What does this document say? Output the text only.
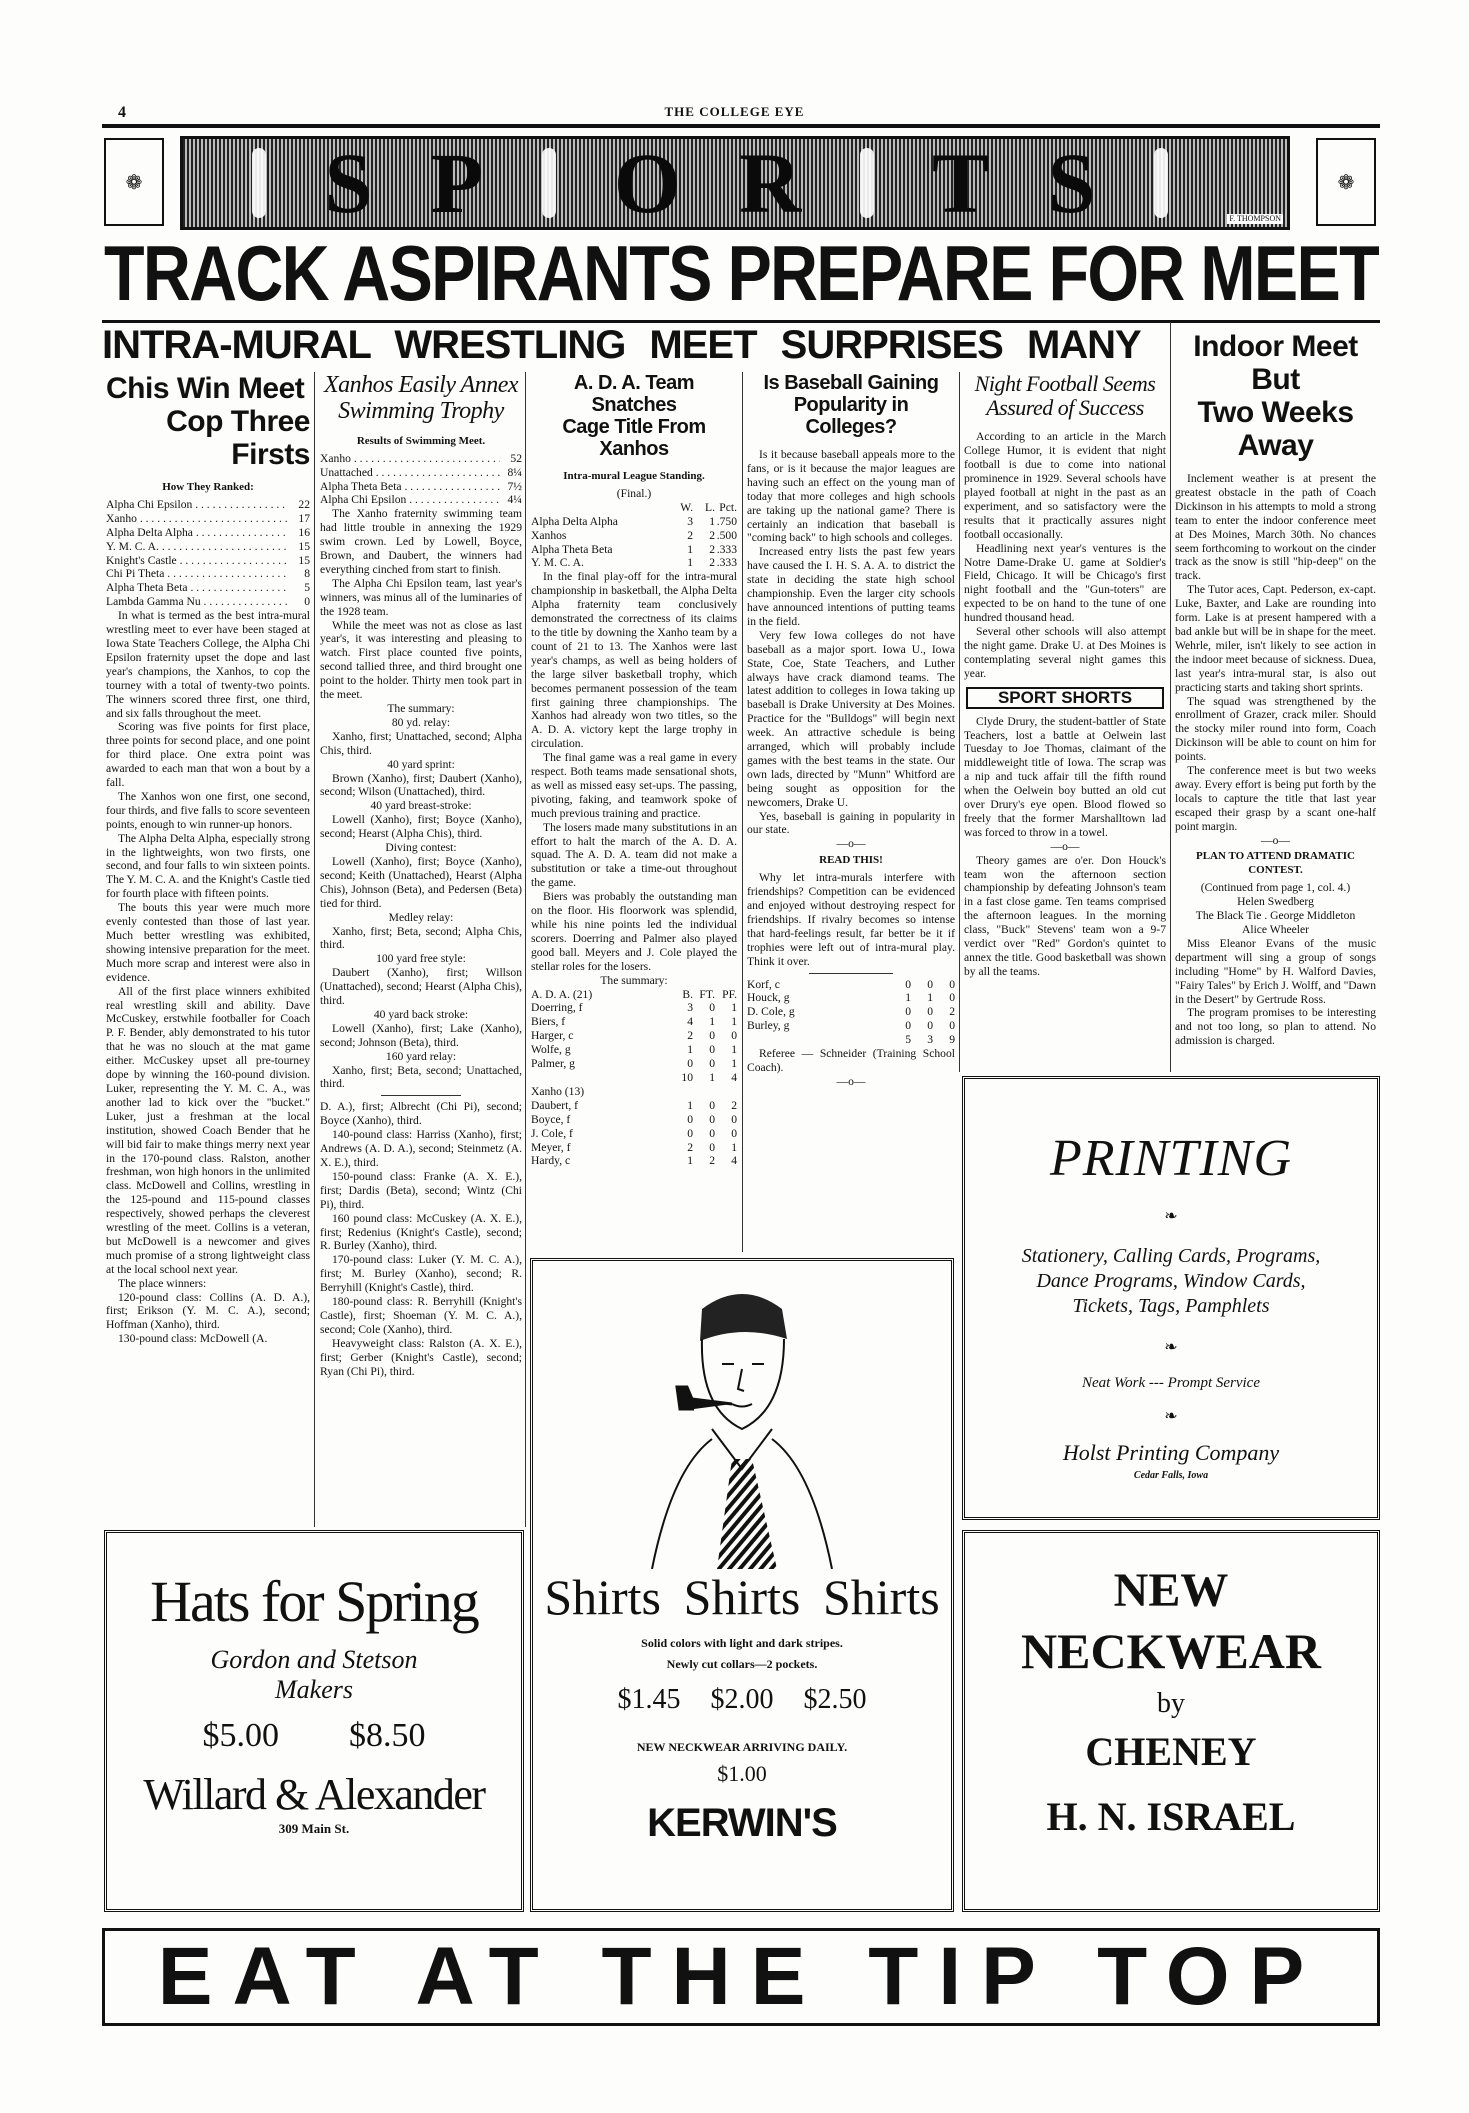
4	THE COLLEGE EYE
❁ S P O R T S	F. THOMPSON
❁
TRACK ASPIRANTS PREPARE FOR MEET
INTRA-MURAL WRESTLING MEET SURPRISES MANY
Chis Win Meet
Cop Three Firsts
How They Ranked:
Alpha Chi Epsilon . . .	22
Xanho . . .	17
Alpha Delta Alpha . . .	16
Y. M. C. A. . . .	15
Knight's Castle . . .	15
Chi Pi Theta . . .	8
Alpha Theta Beta . . .	5
Lambda Gamma Nu . . .	0
In what is termed as the best intra-mural wrestling meet to ever have been staged at Iowa State Teachers College, the Alpha Chi Epsilon fraternity upset the dope and last year's champions, the Xanhos, to cop the tourney with a total of twenty-two points. The winners scored three first, one third, and six falls throughout the meet.
Scoring was five points for first place, three points for second place, and one point for third place. One extra point was awarded to each man that won a bout by a fall.
The Xanhos won one first, one second, four thirds, and five falls to score seventeen points, enough to win runner-up honors.
The Alpha Delta Alpha, especially strong in the lightweights, won two firsts, one second, and four falls to win sixteen points. The Y. M. C. A. and the Knight's Castle tied for fourth place with fifteen points.
The bouts this year were much more evenly contested than those of last year. Much better wrestling was exhibited, showing intensive preparation for the meet. Much more scrap and interest were also in evidence.
All of the first place winners exhibited real wrestling skill and ability. Dave McCuskey, erstwhile footballer for Coach P. F. Bender, ably demonstrated to his tutor that he was no slouch at the mat game either. McCuskey upset all pre-tourney dope by winning the 160-pound division. Luker, representing the Y. M. C. A., was another lad to kick over the "bucket." Luker, just a freshman at the local institution, showed Coach Bender that he will bid fair to make things merry next year in the 170-pound class. Ralston, another freshman, won high honors in the unlimited class. McDowell and Collins, wrestling in the 125-pound and 115-pound classes respectively, showed perhaps the cleverest wrestling of the meet. Collins is a veteran, but McDowell is a newcomer and gives much promise of a strong lightweight class at the local school next year.
The place winners:
120-pound class: Collins (A. D. A.), first; Erikson (Y. M. C. A.), second; Hoffman (Xanho), third.
130-pound class: McDowell (A.
Xanhos Easily Annex
Swimming Trophy
Results of Swimming Meet.
Xanho . . .	52
Unattached . . .	8¼
Alpha Theta Beta . . .	7½
Alpha Chi Epsilon . . .	4¼
The Xanho fraternity swimming team had little trouble in annexing the 1929 swim crown. Led by Lowell, Boyce, Brown, and Daubert, the winners had everything cinched from start to finish.
The Alpha Chi Epsilon team, last year's winners, was minus all of the luminaries of the 1928 team.
While the meet was not as close as last year's, it was interesting and pleasing to watch. First place counted five points, second tallied three, and third brought one point to the holder. Thirty men took part in the meet.
The summary:
80 yd. relay:
Xanho, first; Unattached, second; Alpha Chis, third.
40 yard sprint:
Brown (Xanho), first; Daubert (Xanho), second; Wilson (Unattached), third.
40 yard breast-stroke:
Lowell (Xanho), first; Boyce (Xanho), second; Hearst (Alpha Chis), third.
Diving contest:
Lowell (Xanho), first; Boyce (Xanho), second; Keith (Unattached), Hearst (Alpha Chis), Johnson (Beta), and Pedersen (Beta) tied for third.
Medley relay:
Xanho, first; Beta, second; Alpha Chis, third.
100 yard free style:
Daubert (Xanho), first; Willson (Unattached), second; Hearst (Alpha Chis), third.
40 yard back stroke:
Lowell (Xanho), first; Lake (Xanho), second; Johnson (Beta), third.
160 yard relay:
Xanho, first; Beta, second; Unattached, third.
D. A.), first; Albrecht (Chi Pi), second; Boyce (Xanho), third.
140-pound class: Harriss (Xanho), first; Andrews (A. D. A.), second; Steinmetz (A. X. E.), third.
150-pound class: Franke (A. X. E.), first; Dardis (Beta), second; Wintz (Chi Pi), third.
160 pound class: McCuskey (A. X. E.), first; Redenius (Knight's Castle), second; R. Burley (Xanho), third.
170-pound class: Luker (Y. M. C. A.), first; M. Burley (Xanho), second; R. Berryhill (Knight's Castle), third.
180-pound class: R. Berryhill (Knight's Castle), first; Shoeman (Y. M. C. A.), second; Cole (Xanho), third.
Heavyweight class: Ralston (A. X. E.), first; Gerber (Knight's Castle), second; Ryan (Chi Pi), third.
A. D. A. Team Snatches
Cage Title From Xanhos
Intra-mural League Standing.
(Final.)
W.	L. Pct.
Alpha Delta Alpha	3	1 .750
Xanhos	2	2 .500
Alpha Theta Beta	1	2 .333
Y. M. C. A.	1	2 .333
In the final play-off for the intra-mural championship in basketball, the Alpha Delta Alpha fraternity team conclusively demonstrated the correctness of its claims to the title by downing the Xanho team by a count of 21 to 13. The Xanhos were last year's champs, as well as being holders of the large silver basketball trophy, which becomes permanent possession of the team first gaining three championships. The Xanhos had already won two titles, so the A. D. A. victory kept the large trophy in circulation.
The final game was a real game in every respect. Both teams made sensational shots, as well as missed easy set-ups. The passing, pivoting, faking, and teamwork spoke of much previous training and practice.
The losers made many substitutions in an effort to halt the march of the A. D. A. squad. The A. D. A. team did not make a substitution or take a time-out throughout the game.
Biers was probably the outstanding man on the floor. His floorwork was splendid, while his nine points led the individual scorers. Doerring and Palmer also played good ball. Meyers and J. Cole played the stellar roles for the losers.
The summary:
A. D. A. (21)	B. FT. PF.
Doerring, f	3	0	1
Biers, f	4	1	1
Harger, c	2	0	0
Wolfe, g	1	0	1
Palmer, g	0	0	1
10	1	4
Xanho (13)
Daubert, f	1	0	2
Boyce, f	0	0	0
J. Cole, f	0	0	0
Meyer, f	2	0	1
Hardy, c	1	2	4
Is Baseball Gaining
Popularity in Colleges?
Is it because baseball appeals more to the fans, or is it because the major leagues are having such an effect on the young man of today that more colleges and high schools are taking up the national game? There is certainly an indication that baseball is "coming back" to high schools and colleges.
Increased entry lists the past few years have caused the I. H. S. A. A. to district the state in deciding the state high school championship. Even the larger city schools have announced intentions of putting teams in the field.
Very few Iowa colleges do not have baseball as a major sport. Iowa U., Iowa State, Coe, State Teachers, and Luther always have crack diamond teams. The latest addition to colleges in Iowa taking up baseball is Drake University at Des Moines. Practice for the "Bulldogs" will begin next week. An attractive schedule is being arranged, which will probably include games with the best teams in the state. Our own lads, directed by "Munn" Whitford are being sought as opposition for the newcomers, Drake U.
Yes, baseball is gaining in popularity in our state.
—o—
READ THIS!
Why let intra-murals interfere with friendships? Competition can be evidenced and enjoyed without destroying respect for friendships. If rivalry becomes so intense that hard-feelings result, far better be it if trophies were left out of intra-mural play. Think it over.
Korf, c	0	0	0
Houck, g	1	1	0
D. Cole, g	0	0	2
Burley, g	0	0	0
5	3	9
Referee — Schneider (Training School Coach).
—o—
Night Football Seems
Assured of Success
According to an article in the March College Humor, it is evident that night football is due to come into national prominence in 1929. Several schools have played football at night in the past as an experiment, and so satisfactory were the results that it practically assures night football occasionally.
Headlining next year's ventures is the Notre Dame-Drake U. game at Soldier's Field, Chicago. It will be Chicago's first night football and the "Gun-toters" are expected to be on hand to the tune of one hundred thousand head.
Several other schools will also attempt the night game. Drake U. at Des Moines is contemplating several night games this year.
SPORT SHORTS
Clyde Drury, the student-battler of State Teachers, lost a battle at Oelwein last Tuesday to Joe Thomas, claimant of the middleweight title of Iowa. The scrap was a nip and tuck affair till the fifth round when the Oelwein boy butted an old cut over Drury's eye open. Blood flowed so freely that the former Marshalltown lad was forced to throw in a towel.
—o—
Theory games are o'er. Don Houck's team won the afternoon section championship by defeating Johnson's team in a fast close game. Ten teams comprised the afternoon leagues. In the morning class, "Buck" Stevens' team won a 9-7 verdict over "Red" Gordon's quintet to annex the title. Good basketball was shown by all the teams.
Indoor Meet But
Two Weeks Away
Inclement weather is at present the greatest obstacle in the path of Coach Dickinson in his attempts to mold a strong team to enter the indoor conference meet at Des Moines, March 30th. No chances seem forthcoming to workout on the cinder track as the snow is still "hip-deep" on the track.
The Tutor aces, Capt. Pederson, ex-capt. Luke, Baxter, and Lake are rounding into form. Lake is at present hampered with a bad ankle but will be in shape for the meet. Wehrle, miler, isn't likely to see action in the indoor meet because of sickness. Duea, last year's intra-mural star, is also out practicing starts and taking short sprints.
The squad was strengthened by the enrollment of Grazer, crack miler. Should the stocky miler round into form, Coach Dickinson will be able to count on him for points.
The conference meet is but two weeks away. Every effort is being put forth by the locals to capture the title that last year escaped their grasp by a scant one-half point margin.
—o—
PLAN TO ATTEND DRAMATIC CONTEST.
(Continued from page 1, col. 4.)
Helen Swedberg
The Black Tie . George Middleton
Alice Wheeler
Miss Eleanor Evans of the music department will sing a group of songs including "Home" by H. Walford Davies, "Fairy Tales" by Erich J. Wolff, and "Dawn in the Desert" by Gertrude Ross.
The program promises to be interesting and not too long, so plan to attend. No admission is charged.
PRINTING
❧
Stationery, Calling Cards, Programs,
Dance Programs, Window Cards,
Tickets, Tags, Pamphlets
❧
Neat Work --- Prompt Service
❧
Holst Printing Company
Cedar Falls, Iowa
Shirts Shirts Shirts
Solid colors with light and dark stripes.
Newly cut collars—2 pockets.
$1.45 $2.00 $2.50
NEW NECKWEAR ARRIVING DAILY.
$1.00
KERWIN'S
Hats for Spring
Gordon and Stetson
Makers
$5.00 $8.50
Willard & Alexander
309 Main St.
NEW
NECKWEAR
by
CHENEY
H. N. ISRAEL
EAT AT THE TIP TOP
